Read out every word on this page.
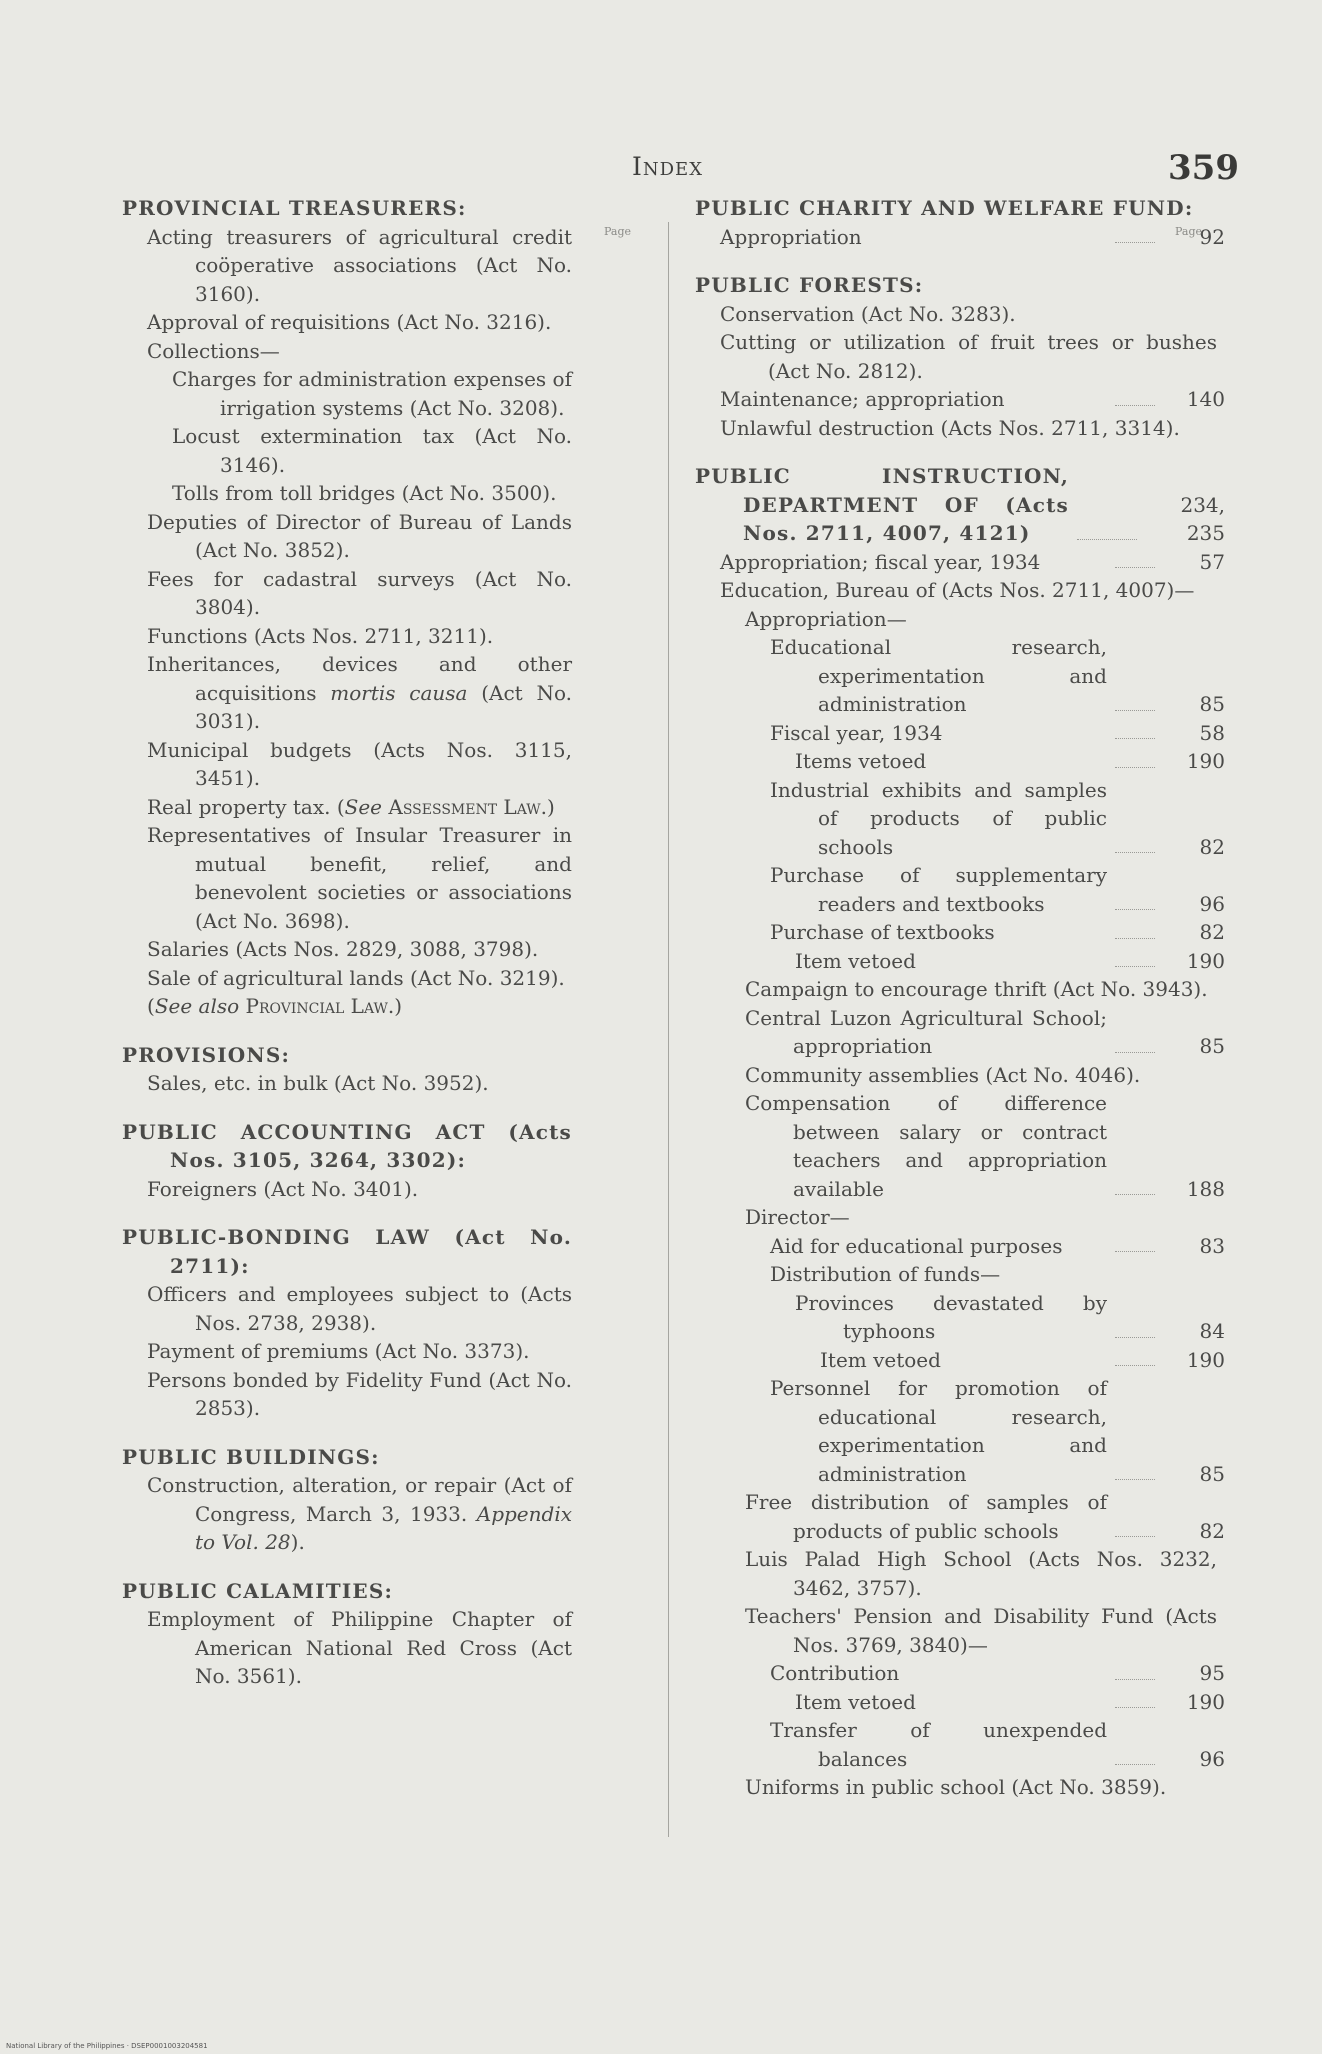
Index	359
Page
PROVINCIAL TREASURERS:
Acting treasurers of agricultural credit coöperative associations (Act No. 3160).
Approval of requisitions (Act No. 3216).
Collections—
Charges for administration expenses of irrigation systems (Act No. 3208).
Locust extermination tax (Act No. 3146).
Tolls from toll bridges (Act No. 3500).
Deputies of Director of Bureau of Lands (Act No. 3852).
Fees for cadastral surveys (Act No. 3804).
Functions (Acts Nos. 2711, 3211).
Inheritances, devices and other acquisitions mortis causa (Act No. 3031).
Municipal budgets (Acts Nos. 3115, 3451).
Real property tax. (See Assessment Law.)
Representatives of Insular Treasurer in mutual benefit, relief, and benevolent societies or associations (Act No. 3698).
Salaries (Acts Nos. 2829, 3088, 3798).
Sale of agricultural lands (Act No. 3219).
(See also Provincial Law.)
PROVISIONS:
Sales, etc. in bulk (Act No. 3952).
PUBLIC ACCOUNTING ACT (Acts Nos. 3105, 3264, 3302):
Foreigners (Act No. 3401).
PUBLIC-BONDING LAW (Act No. 2711):
Officers and employees subject to (Acts Nos. 2738, 2938).
Payment of premiums (Act No. 3373).
Persons bonded by Fidelity Fund (Act No. 2853).
PUBLIC BUILDINGS:
Construction, alteration, or repair (Act of Congress, March 3, 1933. Appendix to Vol. 28).
PUBLIC CALAMITIES:
Employment of Philippine Chapter of American National Red Cross (Act No. 3561).
Page
PUBLIC CHARITY AND WELFARE FUND:
Appropriation	92
PUBLIC FORESTS:
Conservation (Act No. 3283).
Cutting or utilization of fruit trees or bushes (Act No. 2812).
Maintenance; appropriation	140
Unlawful destruction (Acts Nos. 2711, 3314).
PUBLIC INSTRUCTION, DEPARTMENT OF (Acts Nos. 2711, 4007, 4121)
234, 235
Appropriation; fiscal year, 1934	57
Education, Bureau of (Acts Nos. 2711, 4007)—
Appropriation—
Educational research, experimentation and administration	85
Fiscal year, 1934	58
Items vetoed	190
Industrial exhibits and samples of products of public schools	82
Purchase of supplementary readers and textbooks	96
Purchase of textbooks	82
Item vetoed	190
Campaign to encourage thrift (Act No. 3943).
Central Luzon Agricultural School; appropriation	85
Community assemblies (Act No. 4046).
Compensation of difference between salary or contract teachers and appropriation available	188
Director—
Aid for educational purposes	83
Distribution of funds—
Provinces devastated by typhoons	84
Item vetoed	190
Personnel for promotion of educational research, experimentation and administration	85
Free distribution of samples of products of public schools	82
Luis Palad High School (Acts Nos. 3232, 3462, 3757).
Teachers' Pension and Disability Fund (Acts Nos. 3769, 3840)—
Contribution	95
Item vetoed	190
Transfer of unexpended balances	96
Uniforms in public school (Act No. 3859).
National Library of the Philippines · DSEP0001003204581
